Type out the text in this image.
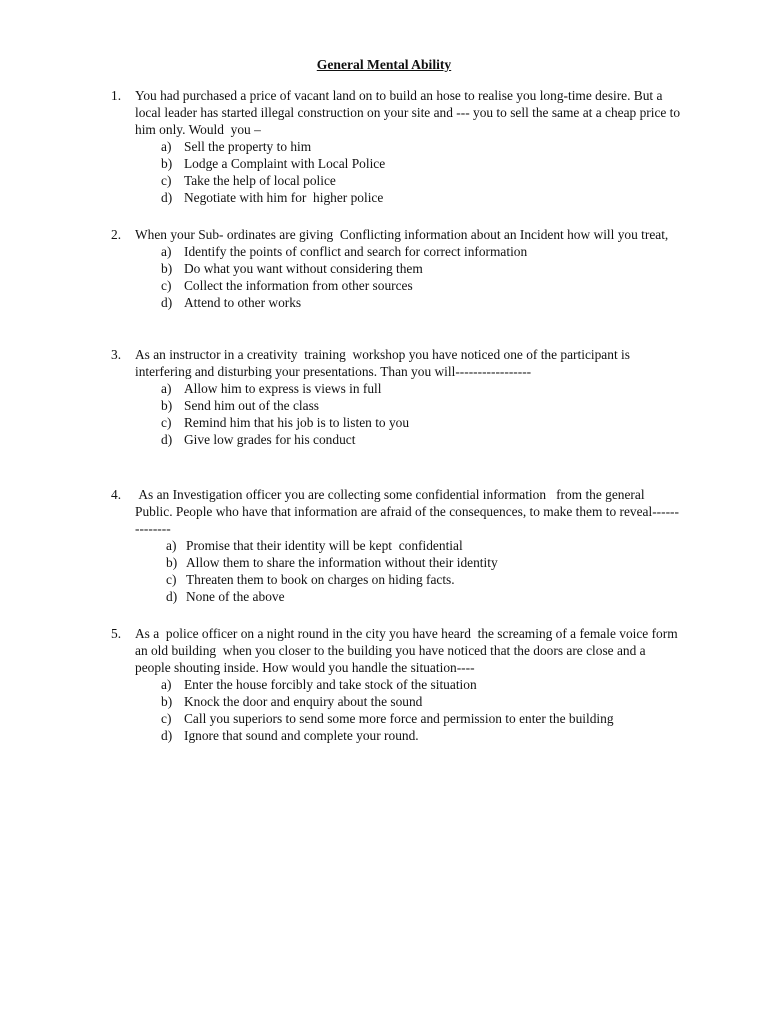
General Mental Ability
1. You had purchased a price of vacant land on to build an hose to realise you long-time desire. But a local leader has started illegal construction on your site and --- you to sell the same at a cheap price to him only. Would  you –
a) Sell the property to him
b) Lodge a Complaint with Local Police
c) Take the help of local police
d) Negotiate with him for  higher police
2. When your Sub- ordinates are giving  Conflicting information about an Incident how will you treat,
a) Identify the points of conflict and search for correct information
b) Do what you want without considering them
c) Collect the information from other sources
d) Attend to other works
3. As an instructor in a creativity  training  workshop you have noticed one of the participant is interfering and disturbing your presentations. Than you will-----------------
a) Allow him to express is views in full
b) Send him out of the class
c) Remind him that his job is to listen to you
d) Give low grades for his conduct
4. As an Investigation officer you are collecting some confidential information   from the general Public. People who have that information are afraid of the consequences, to make them to reveal--------------
a) Promise that their identity will be kept  confidential
b) Allow them to share the information without their identity
c) Threaten them to book on charges on hiding facts.
d) None of the above
5. As a  police officer on a night round in the city you have heard  the screaming of a female voice form an old building  when you closer to the building you have noticed that the doors are close and a  people shouting inside. How would you handle the situation----
a) Enter the house forcibly and take stock of the situation
b) Knock the door and enquiry about the sound
c) Call you superiors to send some more force and permission to enter the building
d) Ignore that sound and complete your round.
